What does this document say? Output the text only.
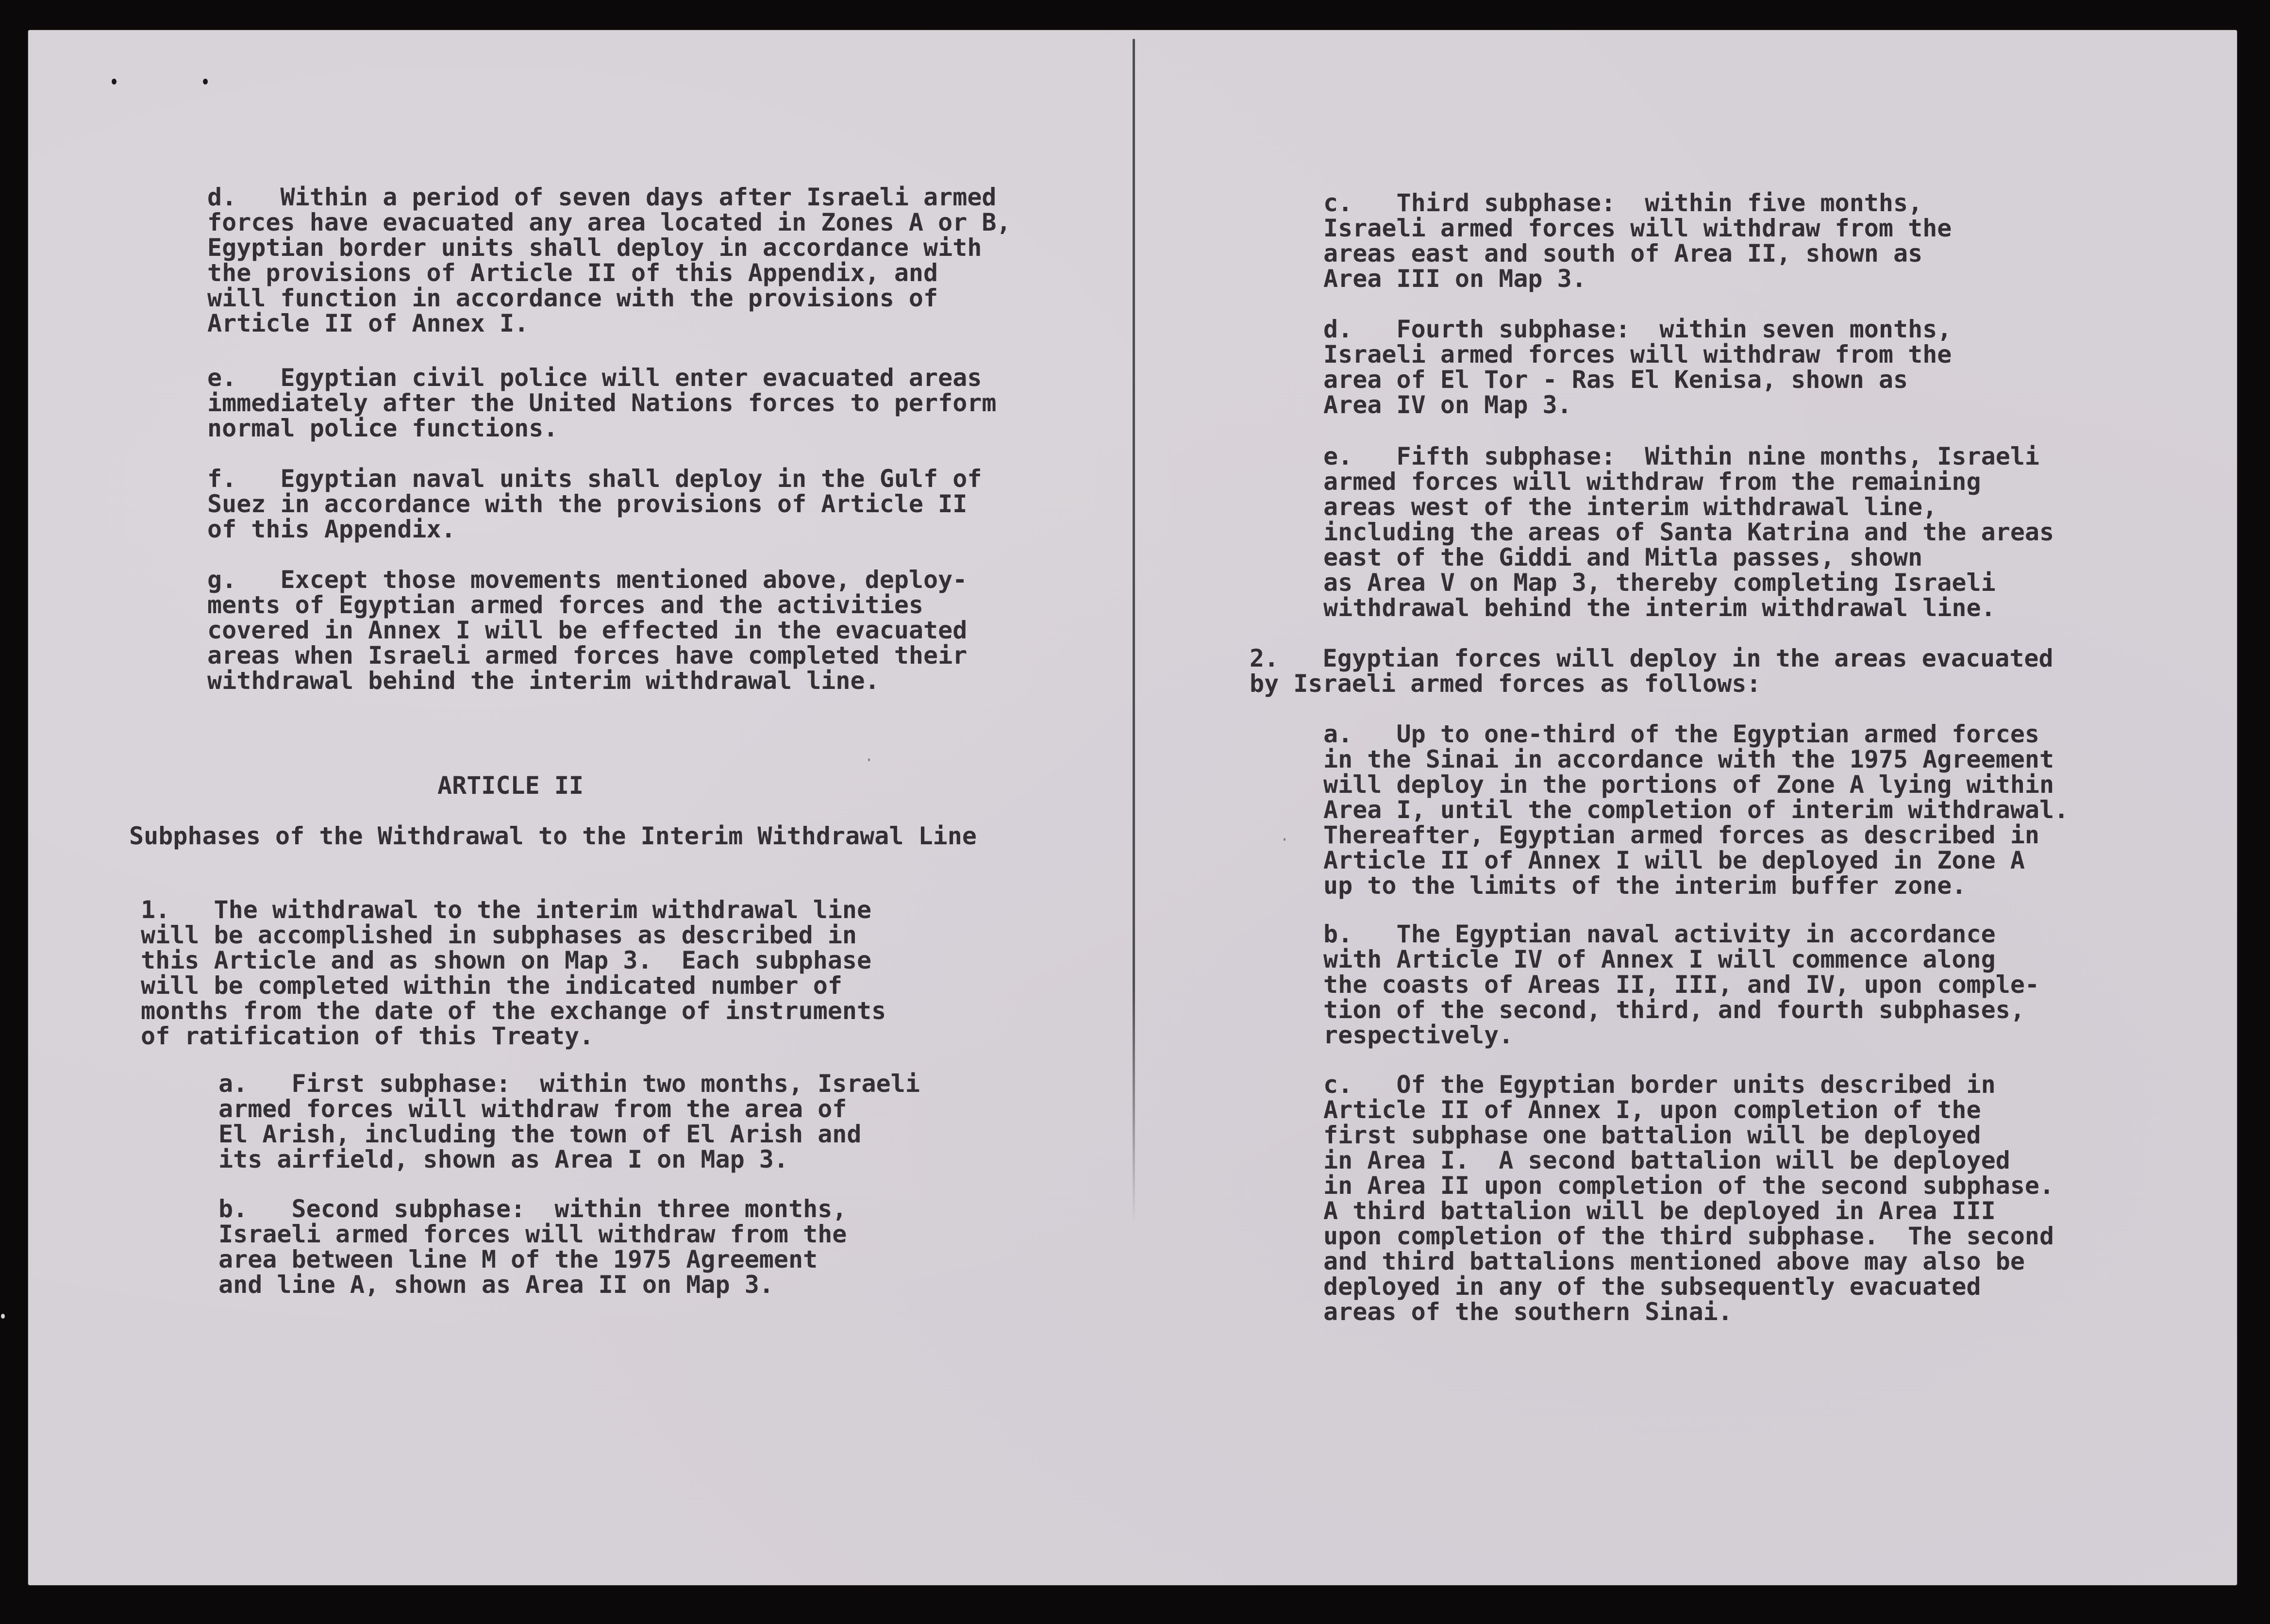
d.   Within a period of seven days after Israeli armed
forces have evacuated any area located in Zones A or B,
Egyptian border units shall deploy in accordance with
the provisions of Article II of this Appendix, and
will function in accordance with the provisions of
Article II of Annex I.
e.   Egyptian civil police will enter evacuated areas
immediately after the United Nations forces to perform
normal police functions.
f.   Egyptian naval units shall deploy in the Gulf of
Suez in accordance with the provisions of Article II
of this Appendix.
g.   Except those movements mentioned above, deploy-
ments of Egyptian armed forces and the activities
covered in Annex I will be effected in the evacuated
areas when Israeli armed forces have completed their
withdrawal behind the interim withdrawal line.
ARTICLE II
Subphases of the Withdrawal to the Interim Withdrawal Line
1.   The withdrawal to the interim withdrawal line
will be accomplished in subphases as described in
this Article and as shown on Map 3.  Each subphase
will be completed within the indicated number of
months from the date of the exchange of instruments
of ratification of this Treaty.
a.   First subphase:  within two months, Israeli
armed forces will withdraw from the area of
El Arish, including the town of El Arish and
its airfield, shown as Area I on Map 3.
b.   Second subphase:  within three months,
Israeli armed forces will withdraw from the
area between line M of the 1975 Agreement
and line A, shown as Area II on Map 3.
c.   Third subphase:  within five months,
Israeli armed forces will withdraw from the
areas east and south of Area II, shown as
Area III on Map 3.
d.   Fourth subphase:  within seven months,
Israeli armed forces will withdraw from the
area of El Tor - Ras El Kenisa, shown as
Area IV on Map 3.
e.   Fifth subphase:  Within nine months, Israeli
armed forces will withdraw from the remaining
areas west of the interim withdrawal line,
including the areas of Santa Katrina and the areas
east of the Giddi and Mitla passes, shown
as Area V on Map 3, thereby completing Israeli
withdrawal behind the interim withdrawal line.
2.   Egyptian forces will deploy in the areas evacuated
by Israeli armed forces as follows:
a.   Up to one-third of the Egyptian armed forces
in the Sinai in accordance with the 1975 Agreement
will deploy in the portions of Zone A lying within
Area I, until the completion of interim withdrawal.
Thereafter, Egyptian armed forces as described in
Article II of Annex I will be deployed in Zone A
up to the limits of the interim buffer zone.
b.   The Egyptian naval activity in accordance
with Article IV of Annex I will commence along
the coasts of Areas II, III, and IV, upon comple-
tion of the second, third, and fourth subphases,
respectively.
c.   Of the Egyptian border units described in
Article II of Annex I, upon completion of the
first subphase one battalion will be deployed
in Area I.  A second battalion will be deployed
in Area II upon completion of the second subphase.
A third battalion will be deployed in Area III
upon completion of the third subphase.  The second
and third battalions mentioned above may also be
deployed in any of the subsequently evacuated
areas of the southern Sinai.
